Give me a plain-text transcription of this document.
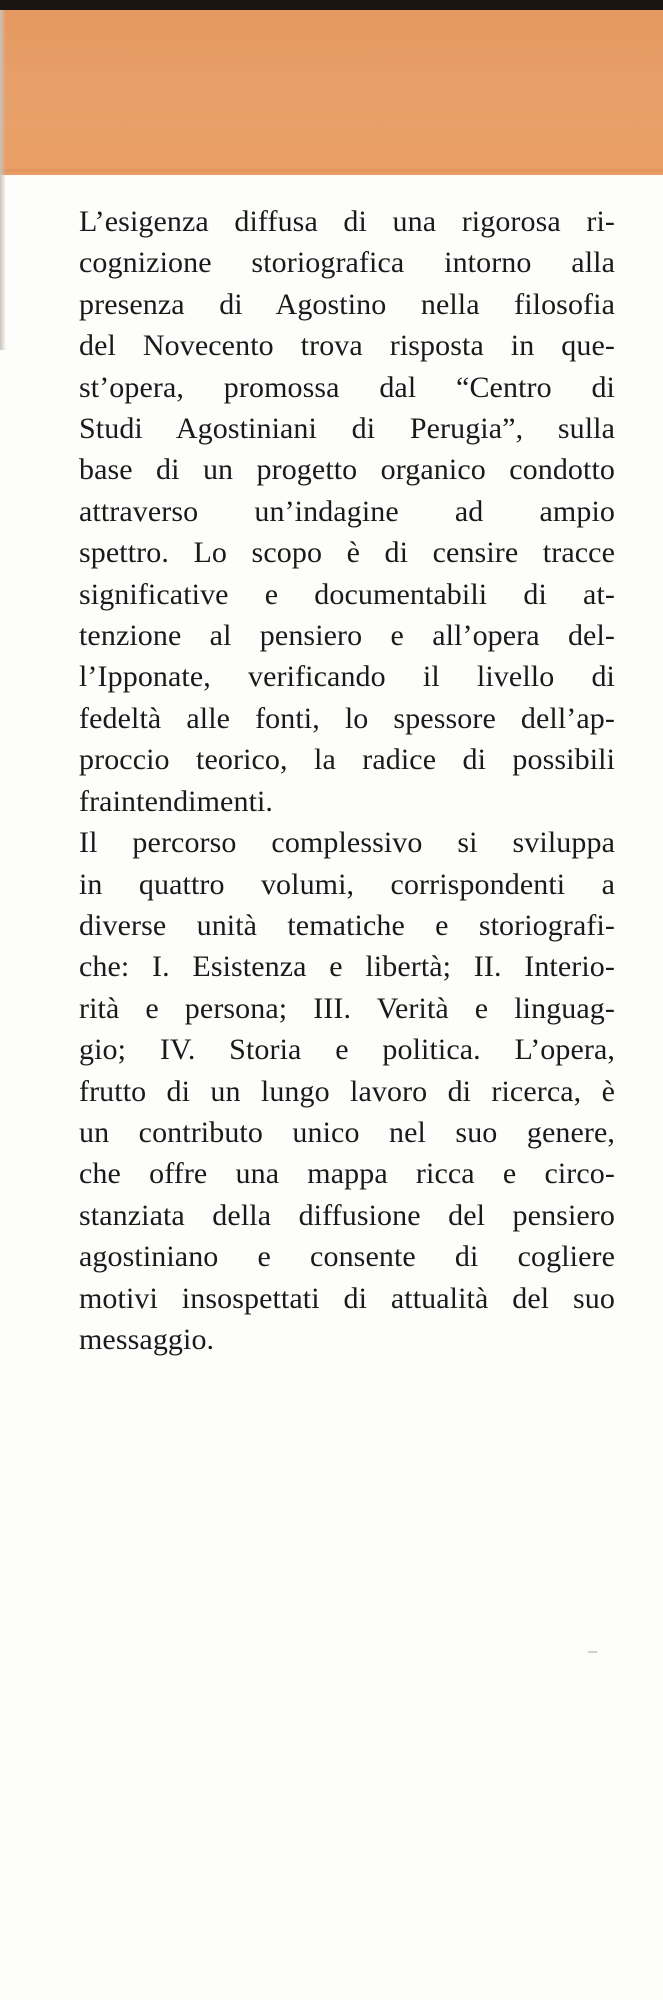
L’esigenza diffusa di una rigorosa ri-
cognizione storiografica intorno alla
presenza di Agostino nella filosofia
del Novecento trova risposta in que-
st’opera, promossa dal “Centro di
Studi Agostiniani di Perugia”, sulla
base di un progetto organico condotto
attraverso un’indagine ad ampio
spettro. Lo scopo è di censire tracce
significative e documentabili di at-
tenzione al pensiero e all’opera del-
l’Ipponate, verificando il livello di
fedeltà alle fonti, lo spessore dell’ap-
proccio teorico, la radice di possibili
fraintendimenti.

Il percorso complessivo si sviluppa
in quattro volumi, corrispondenti a
diverse unità tematiche e storiografi-
che: I. Esistenza e libertà; II. Interio-
rità e persona; III. Verità e linguag-
gio; IV. Storia e politica. L’opera,
frutto di un lungo lavoro di ricerca, è
un contributo unico nel suo genere,
che offre una mappa ricca e circo-
stanziata della diffusione del pensiero
agostiniano e consente di cogliere
motivi insospettati di attualità del suo
messaggio.
